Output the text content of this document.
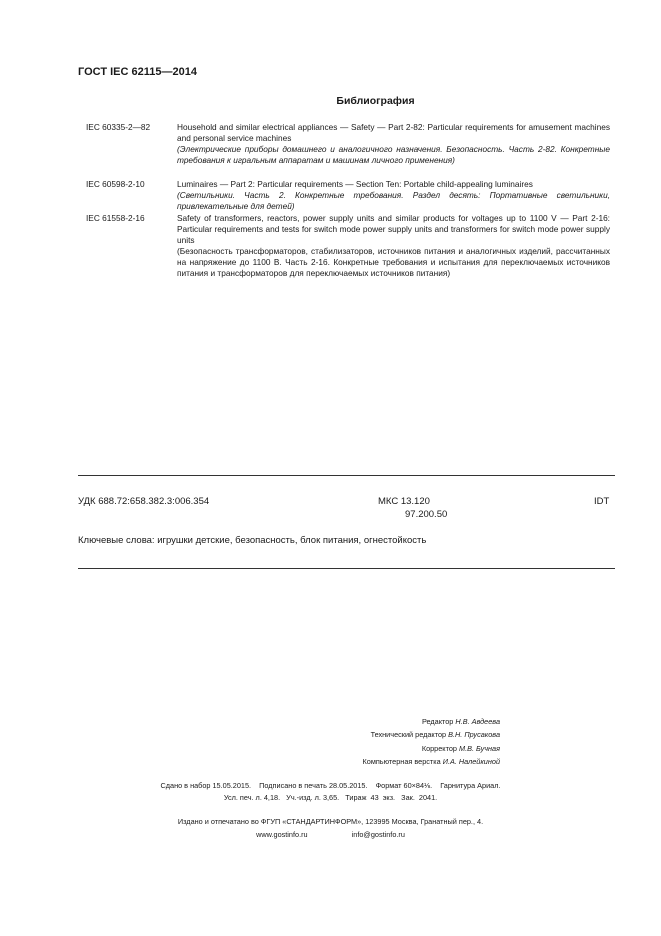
ГОСТ IEC 62115—2014
Библиография
IEC 60335-2—82	Household and similar electrical appliances — Safety — Part 2-82: Particular requirements for amusement machines and personal service machines
(Электрические приборы домашнего и аналогичного назначения. Безопасность. Часть 2-82. Конкретные требования к игральным аппаратам и машинам личного применения)
IEC 60598-2-10	Luminaires — Part 2: Particular requirements — Section Ten: Portable child-appealing luminaires
(Светильники. Часть 2. Конкретные требования. Раздел десять: Портативные светильники, привлекательные для детей)
IEC 61558-2-16	Safety of transformers, reactors, power supply units and similar products for voltages up to 1100 V — Part 2-16: Particular requirements and tests for switch mode power supply units and transformers for switch mode power supply units
(Безопасность трансформаторов, стабилизаторов, источников питания и аналогичных изделий, рассчитанных на напряжение до 1100 В. Часть 2-16. Конкретные требования и испытания для переключаемых источников питания и трансформаторов для переключаемых источников питания)
УДК 688.72:658.382.3:006.354	МКС 13.120
97.200.50
IDT
Ключевые слова: игрушки детские, безопасность, блок питания, огнестойкость
Редактор Н.В. Авдеева
Технический редактор В.Н. Прусакова
Корректор М.В. Бучная
Компьютерная верстка И.А. Налейкиной
Сдано в набор 15.05.2015.    Подписано в печать 28.05.2015.    Формат 60×84⅛.    Гарнитура Ариал.
Усл. печ. л. 4,18.   Уч.-изд. л. 3,65.   Тираж  43  экз.   Зак.  2041.
Издано и отпечатано во ФГУП «СТАНДАРТИНФОРМ», 123995 Москва, Гранатный пер., 4.
www.gostinfo.ru	info@gostinfo.ru
